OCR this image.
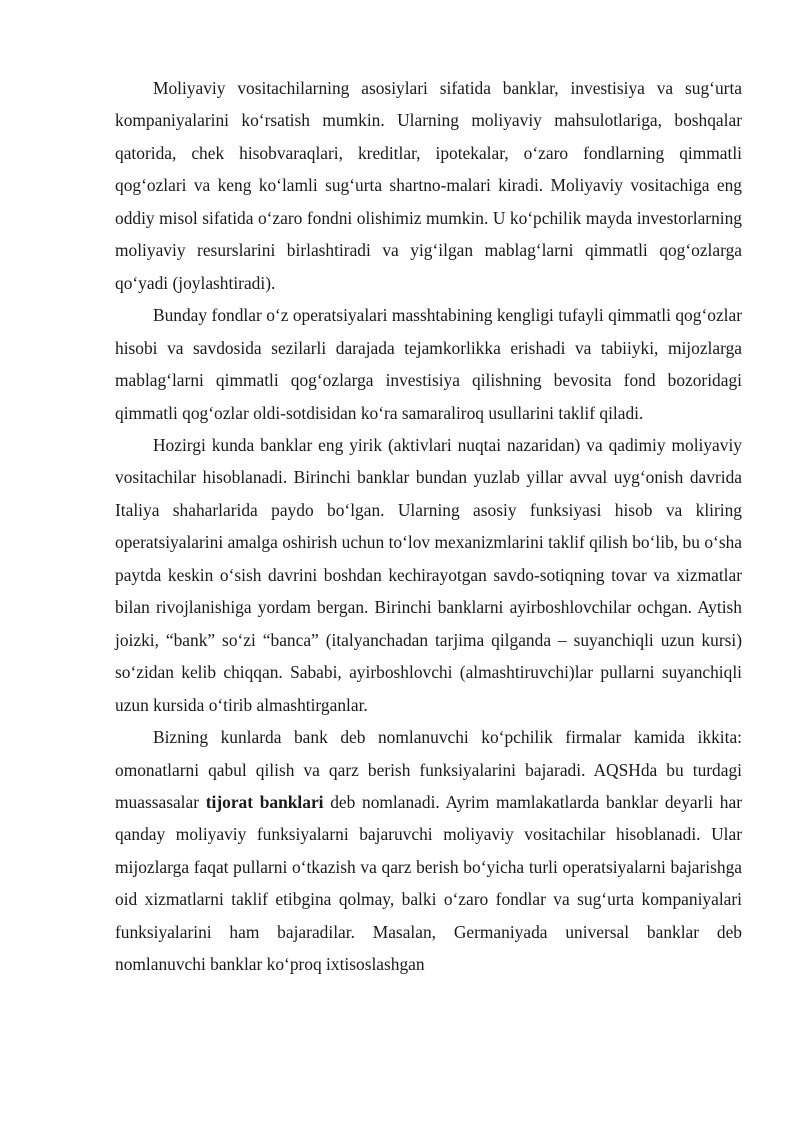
Moliyaviy vositachilarning asosiylari sifatida banklar, investisiya va sug‘urta kompaniyalarini ko‘rsatish mumkin. Ularning moliyaviy mahsulotlariga, boshqalar qatorida, chek hisobvaraqlari, kreditlar, ipotekalar, o‘zaro fondlarning qimmatli qog‘ozlari va keng ko‘lamli sug‘urta shartno-malari kiradi. Moliyaviy vositachiga eng oddiy misol sifatida o‘zaro fondni olishimiz mumkin. U ko‘pchilik mayda investorlarning moliyaviy resurslarini birlashtiradi va yig‘ilgan mablag‘larni qimmatli qog‘ozlarga qo‘yadi (joylashtiradi).

Bunday fondlar o‘z operatsiyalari masshtabining kengligi tufayli qimmatli qog‘ozlar hisobi va savdosida sezilarli darajada tejamkorlikka erishadi va tabiiyki, mijozlarga mablag‘larni qimmatli qog‘ozlarga investisiya qilishning bevosita fond bozoridagi qimmatli qog‘ozlar oldi-sotdisidan ko‘ra samaraliroq usullarini taklif qiladi.

Hozirgi kunda banklar eng yirik (aktivlari nuqtai nazaridan) va qadimiy moliyaviy vositachilar hisoblanadi. Birinchi banklar bundan yuzlab yillar avval uyg‘onish davrida Italiya shaharlarida paydo bo‘lgan. Ularning asosiy funksiyasi hisob va kliring operatsiyalarini amalga oshirish uchun to‘lov mexanizmlarini taklif qilish bo‘lib, bu o‘sha paytda keskin o‘sish davrini boshdan kechirayotgan savdo-sotiqning tovar va xizmatlar bilan rivojlanishiga yordam bergan. Birinchi banklarni ayirboshlovchilar ochgan. Aytish joizki, “bank” so‘zi “banca” (italyanchadan tarjima qilganda – suyanchiqli uzun kursi) so‘zidan kelib chiqqan. Sababi, ayirboshlovchi (almashtiruvchi)lar pullarni suyanchiqli uzun kursida o‘tirib almashtirganlar.

Bizning kunlarda bank deb nomlanuvchi ko‘pchilik firmalar kamida ikkita: omonatlarni qabul qilish va qarz berish funksiyalarini bajaradi. AQSHda bu turdagi muassasalar tijorat banklari deb nomlanadi. Ayrim mamlakatlarda banklar deyarli har qanday moliyaviy funksiyalarni bajaruvchi moliyaviy vositachilar hisoblanadi. Ular mijozlarga faqat pullarni o‘tkazish va qarz berish bo‘yicha turli operatsiyalarni bajarishga oid xizmatlarni taklif etibgina qolmay, balki o‘zaro fondlar va sug‘urta kompaniyalari funksiyalarini ham bajaradilar. Masalan, Germaniyada universal banklar deb nomlanuvchi banklar ko‘proq ixtisoslashgan
